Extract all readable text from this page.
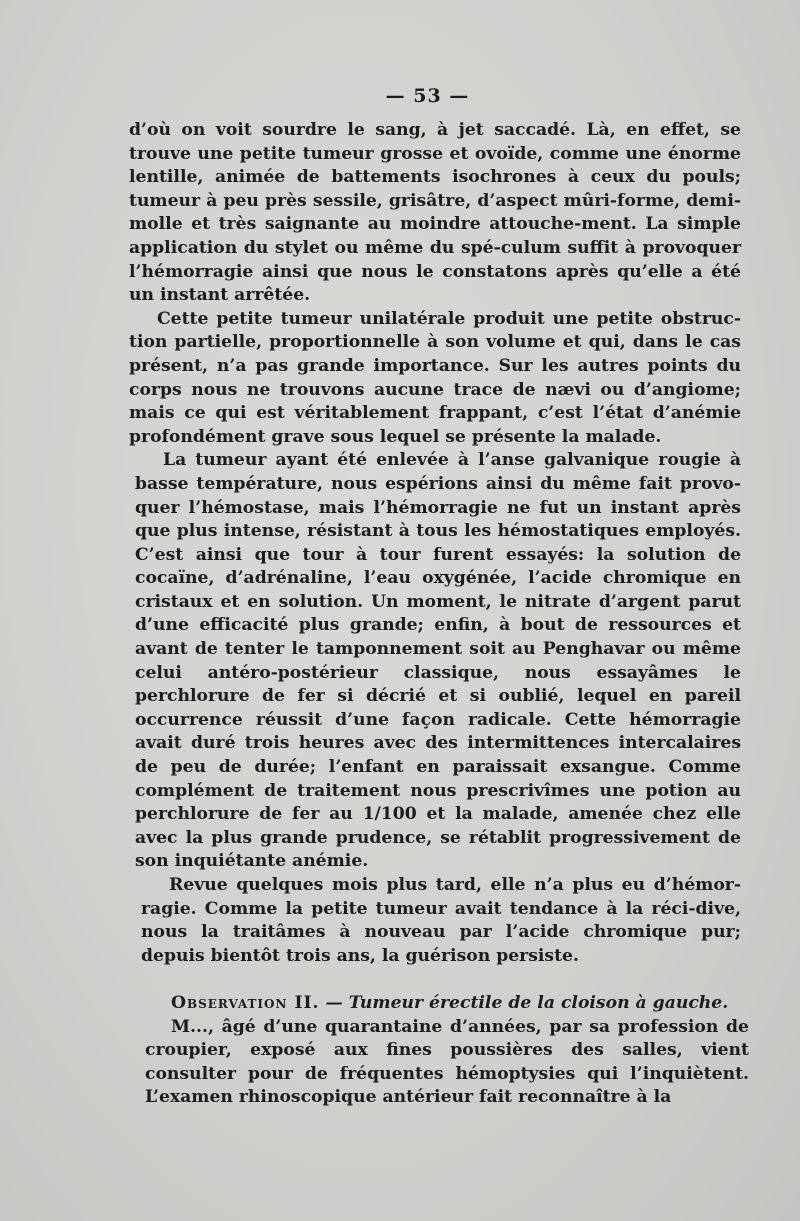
— 53 —

d’où on voit sourdre le sang, à jet saccadé. Là, en effet, se trouve une petite tumeur grosse et ovoïde, comme une énorme lentille, animée de battements isochrones à ceux du pouls; tumeur à peu près sessile, grisâtre, d’aspect mûri-forme, demi-molle et très saignante au moindre attouche-ment. La simple application du stylet ou même du spé-culum suffit à provoquer l’hémorragie ainsi que nous le constatons après qu’elle a été un instant arrêtée.

Cette petite tumeur unilatérale produit une petite obstruc-tion partielle, proportionnelle à son volume et qui, dans le cas présent, n’a pas grande importance. Sur les autres points du corps nous ne trouvons aucune trace de nævi ou d’angiome; mais ce qui est véritablement frappant, c’est l’état d’anémie profondément grave sous lequel se présente la malade.

La tumeur ayant été enlevée à l’anse galvanique rougie à basse température, nous espérions ainsi du même fait provo-quer l’hémostase, mais l’hémorragie ne fut un instant après que plus intense, résistant à tous les hémostatiques employés. C’est ainsi que tour à tour furent essayés: la solution de cocaïne, d’adrénaline, l’eau oxygénée, l’acide chromique en cristaux et en solution. Un moment, le nitrate d’argent parut d’une efficacité plus grande; enfin, à bout de ressources et avant de tenter le tamponnement soit au Penghavar ou même celui antéro-postérieur classique, nous essayâmes le perchlorure de fer si décrié et si oublié, lequel en pareil occurrence réussit d’une façon radicale. Cette hémorragie avait duré trois heures avec des intermittences intercalaires de peu de durée; l’enfant en paraissait exsangue. Comme complément de traitement nous prescrivîmes une potion au perchlorure de fer au 1/100 et la malade, amenée chez elle avec la plus grande prudence, se rétablit progressivement de son inquiétante anémie.

Revue quelques mois plus tard, elle n’a plus eu d’hémor-ragie. Comme la petite tumeur avait tendance à la réci-dive, nous la traitâmes à nouveau par l’acide chromique pur; depuis bientôt trois ans, la guérison persiste.

Observation II. — Tumeur érectile de la cloison à gauche.

M..., âgé d’une quarantaine d’années, par sa profession de croupier, exposé aux fines poussières des salles, vient consulter pour de fréquentes hémoptysies qui l’inquiètent. L’examen rhinoscopique antérieur fait reconnaître à la
